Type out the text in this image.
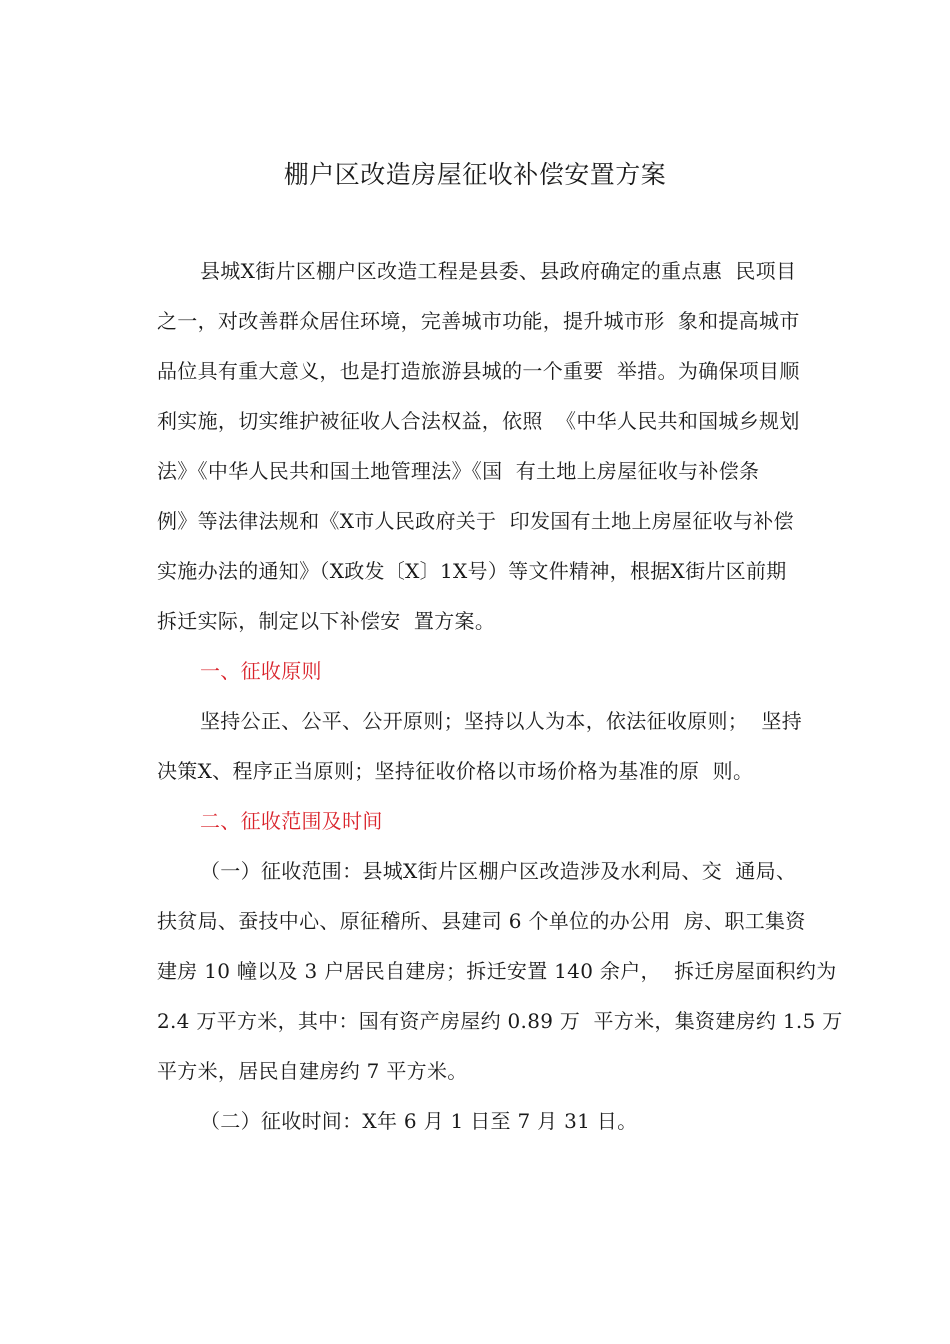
棚户区改造房屋征收补偿安置方案
县城Ⅹ街片区棚户区改造工程是县委、县政府确定的重点惠  民项目
之一，对改善群众居住环境，完善城市功能，提升城市形  象和提高城市
品位具有重大意义，也是打造旅游县城的一个重要  举措。为确保项目顺
利实施，切实维护被征收人合法权益，依照  《中华人民共和国城乡规划
法》《中华人民共和国土地管理法》《国  有土地上房屋征收与补偿条
例》等法律法规和《Ⅹ市人民政府关于  印发国有土地上房屋征收与补偿
实施办法的通知》（Ⅹ政发〔Ⅹ〕1Ⅹ号）等文件精神，根据Ⅹ街片区前期
拆迁实际，制定以下补偿安  置方案。
一、征收原则
坚持公正、公平、公开原则；坚持以人为本，依法征收原则；  坚持
决策Ⅹ、程序正当原则；坚持征收价格以市场价格为基准的原  则。
二、征收范围及时间
（一）征收范围：县城Ⅹ街片区棚户区改造涉及水利局、交  通局、
扶贫局、蚕技中心、原征稽所、县建司 6 个单位的办公用  房、职工集资
建房 10 幢以及 3 户居民自建房；拆迁安置 140 余户，  拆迁房屋面积约为
2.4 万平方米，其中：国有资产房屋约 0.89 万  平方米，集资建房约 1.5 万
平方米，居民自建房约 7 平方米。
（二）征收时间：Ⅹ年 6 月 1 日至 7 月 31 日。
